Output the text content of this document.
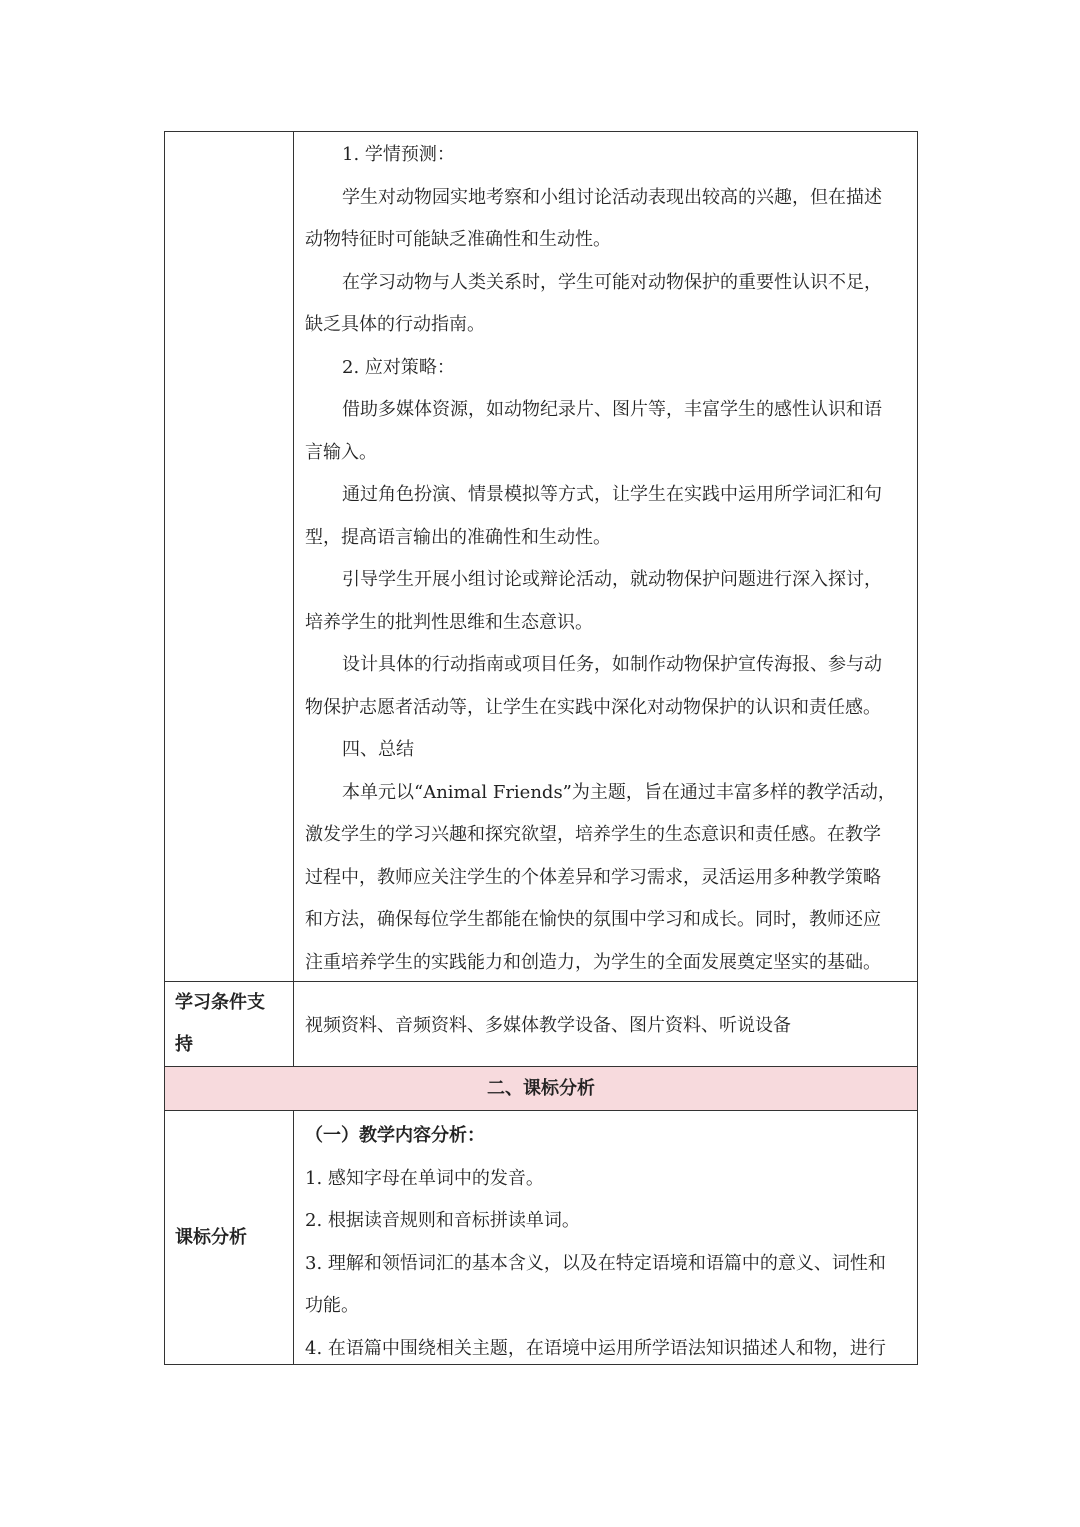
1. 学情预测：
学生对动物园实地考察和小组讨论活动表现出较高的兴趣，但在描述
动物特征时可能缺乏准确性和生动性。
在学习动物与人类关系时，学生可能对动物保护的重要性认识不足，
缺乏具体的行动指南。
2. 应对策略：
借助多媒体资源，如动物纪录片、图片等，丰富学生的感性认识和语
言输入。
通过角色扮演、情景模拟等方式，让学生在实践中运用所学词汇和句
型，提高语言输出的准确性和生动性。
引导学生开展小组讨论或辩论活动，就动物保护问题进行深入探讨，
培养学生的批判性思维和生态意识。
设计具体的行动指南或项目任务，如制作动物保护宣传海报、参与动
物保护志愿者活动等，让学生在实践中深化对动物保护的认识和责任感。
四、总结
本单元以“Animal Friends”为主题，旨在通过丰富多样的教学活动，
激发学生的学习兴趣和探究欲望，培养学生的生态意识和责任感。在教学
过程中，教师应关注学生的个体差异和学习需求，灵活运用多种教学策略
和方法，确保每位学生都能在愉快的氛围中学习和成长。同时，教师还应
注重培养学生的实践能力和创造力，为学生的全面发展奠定坚实的基础。
学习条件支
持
视频资料、音频资料、多媒体教学设备、图片资料、听说设备
二、课标分析
课标分析
（一）教学内容分析：
1. 感知字母在单词中的发音。
2. 根据读音规则和音标拼读单词。
3. 理解和领悟词汇的基本含义，以及在特定语境和语篇中的意义、词性和
功能。
4. 在语篇中围绕相关主题，在语境中运用所学语法知识描述人和物，进行
